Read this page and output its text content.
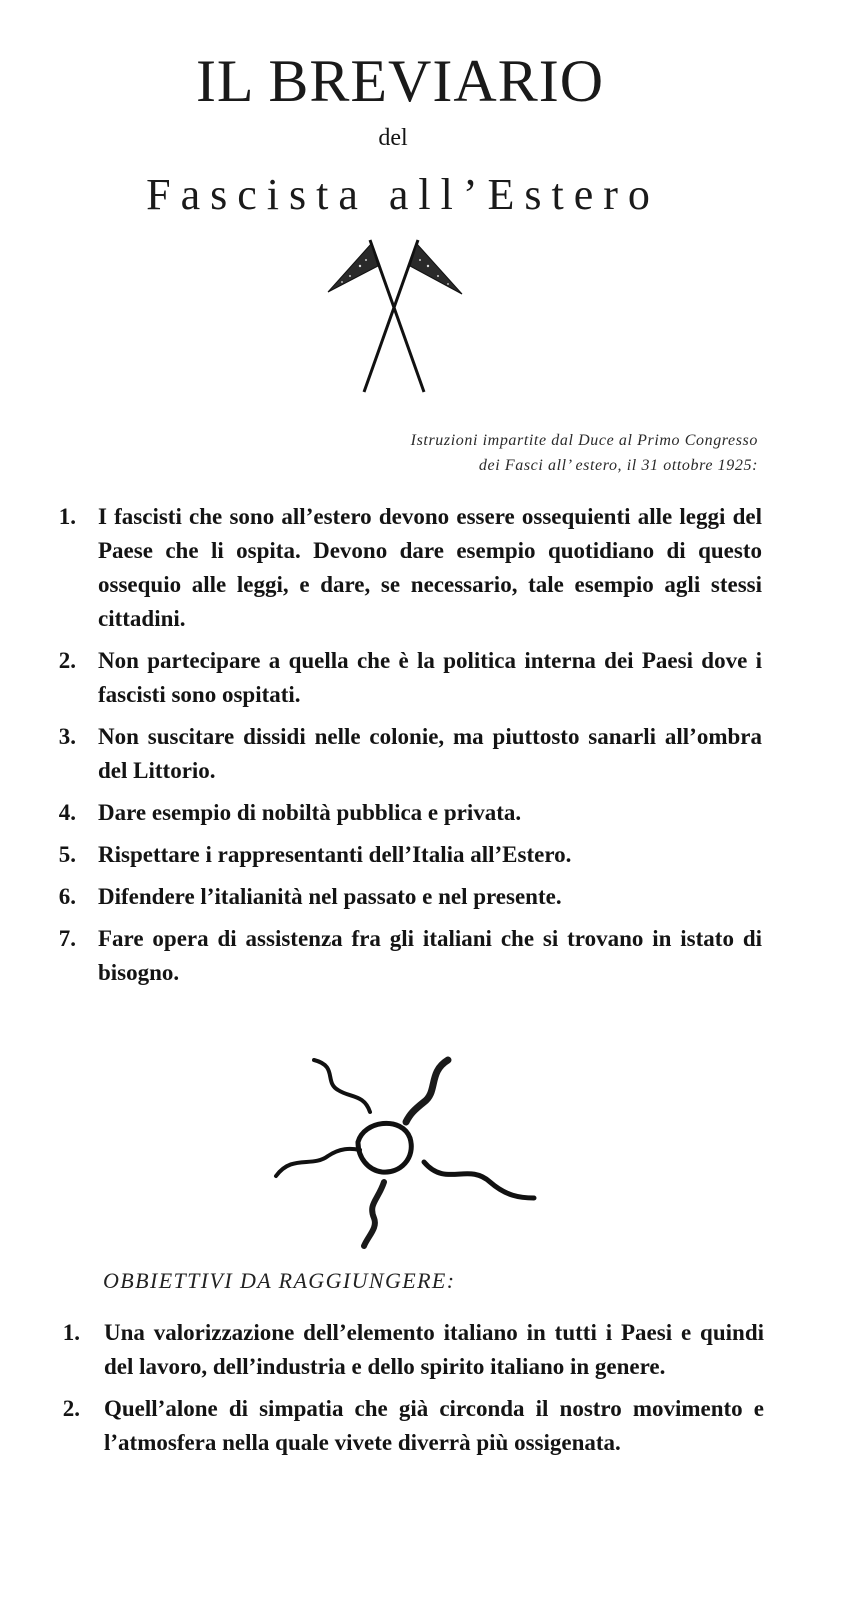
IL BREVIARIO
del
Fascista all’Estero
Istruzioni impartite dal Duce al Primo Congresso
dei Fasci all’ estero, il 31 ottobre 1925:
1. I fascisti che sono all’estero devono essere ossequienti alle leggi del Paese che li ospita. Devono dare esempio quotidiano di questo ossequio alle leggi, e dare, se necessario, tale esempio agli stessi cittadini.
2. Non partecipare a quella che è la politica interna dei Paesi dove i fascisti sono ospitati.
3. Non suscitare dissidi nelle colonie, ma piuttosto sanarli all’ombra del Littorio.
4. Dare esempio di nobiltà pubblica e privata.
5. Rispettare i rappresentanti dell’Italia all’Estero.
6. Difendere l’italianità nel passato e nel presente.
7. Fare opera di assistenza fra gli italiani che si trovano in istato di bisogno.
OBBIETTIVI DA RAGGIUNGERE:
1. Una valorizzazione dell’elemento italiano in tutti i Paesi e quindi del lavoro, dell’industria e dello spirito italiano in genere.
2. Quell’alone di simpatia che già circonda il nostro movimento e l’atmosfera nella quale vivete diverrà più ossigenata.
